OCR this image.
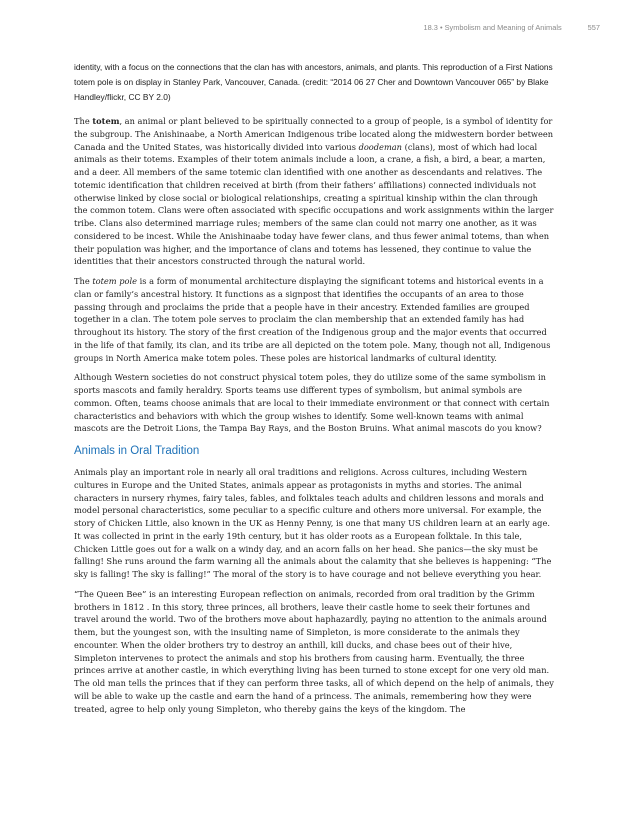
18.3 • Symbolism and Meaning of Animals	557

identity, with a focus on the connections that the clan has with ancestors, animals, and plants. This reproduction of a First Nations totem pole is on display in Stanley Park, Vancouver, Canada. (credit: “2014 06 27 Cher and Downtown Vancouver 065” by Blake Handley/flickr, CC BY 2.0)

The totem, an animal or plant believed to be spiritually connected to a group of people, is a symbol of identity for the subgroup. The Anishinaabe, a North American Indigenous tribe located along the midwestern border between Canada and the United States, was historically divided into various doodeman (clans), most of which had local animals as their totems. Examples of their totem animals include a loon, a crane, a fish, a bird, a bear, a marten, and a deer. All members of the same totemic clan identified with one another as descendants and relatives. The totemic identification that children received at birth (from their fathers’ affiliations) connected individuals not otherwise linked by close social or biological relationships, creating a spiritual kinship within the clan through the common totem. Clans were often associated with specific occupations and work assignments within the larger tribe. Clans also determined marriage rules; members of the same clan could not marry one another, as it was considered to be incest. While the Anishinaabe today have fewer clans, and thus fewer animal totems, than when their population was higher, and the importance of clans and totems has lessened, they continue to value the identities that their ancestors constructed through the natural world.

The totem pole is a form of monumental architecture displaying the significant totems and historical events in a clan or family’s ancestral history. It functions as a signpost that identifies the occupants of an area to those passing through and proclaims the pride that a people have in their ancestry. Extended families are grouped together in a clan. The totem pole serves to proclaim the clan membership that an extended family has had throughout its history. The story of the first creation of the Indigenous group and the major events that occurred in the life of that family, its clan, and its tribe are all depicted on the totem pole. Many, though not all, Indigenous groups in North America make totem poles. These poles are historical landmarks of cultural identity.

Although Western societies do not construct physical totem poles, they do utilize some of the same symbolism in sports mascots and family heraldry. Sports teams use different types of symbolism, but animal symbols are common. Often, teams choose animals that are local to their immediate environment or that connect with certain characteristics and behaviors with which the group wishes to identify. Some well-known teams with animal mascots are the Detroit Lions, the Tampa Bay Rays, and the Boston Bruins. What animal mascots do you know?

Animals in Oral Tradition

Animals play an important role in nearly all oral traditions and religions. Across cultures, including Western cultures in Europe and the United States, animals appear as protagonists in myths and stories. The animal characters in nursery rhymes, fairy tales, fables, and folktales teach adults and children lessons and morals and model personal characteristics, some peculiar to a specific culture and others more universal. For example, the story of Chicken Little, also known in the UK as Henny Penny, is one that many US children learn at an early age. It was collected in print in the early 19th century, but it has older roots as a European folktale. In this tale, Chicken Little goes out for a walk on a windy day, and an acorn falls on her head. She panics—the sky must be falling! She runs around the farm warning all the animals about the calamity that she believes is happening: “The sky is falling! The sky is falling!” The moral of the story is to have courage and not believe everything you hear.

“The Queen Bee” is an interesting European reflection on animals, recorded from oral tradition by the Grimm brothers in 1812 . In this story, three princes, all brothers, leave their castle home to seek their fortunes and travel around the world. Two of the brothers move about haphazardly, paying no attention to the animals around them, but the youngest son, with the insulting name of Simpleton, is more considerate to the animals they encounter. When the older brothers try to destroy an anthill, kill ducks, and chase bees out of their hive, Simpleton intervenes to protect the animals and stop his brothers from causing harm. Eventually, the three princes arrive at another castle, in which everything living has been turned to stone except for one very old man. The old man tells the princes that if they can perform three tasks, all of which depend on the help of animals, they will be able to wake up the castle and earn the hand of a princess. The animals, remembering how they were treated, agree to help only young Simpleton, who thereby gains the keys of the kingdom. The
